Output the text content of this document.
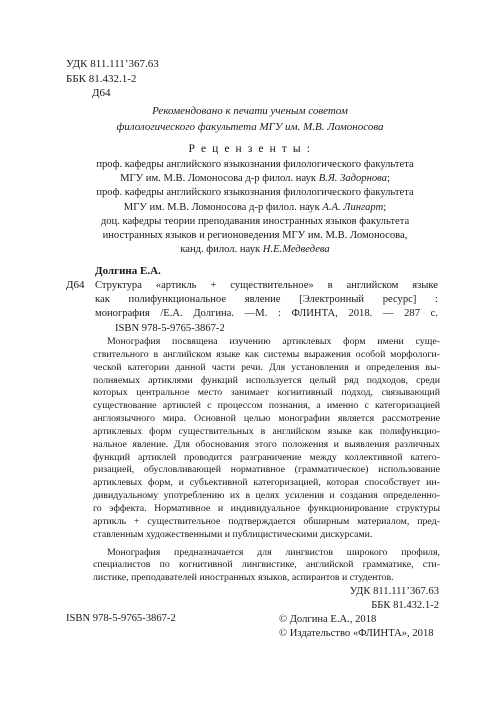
УДК 811.111’367.63
ББК 81.432.1-2
Д64
Рекомендовано к печати ученым советом
филологического факультета МГУ им. М.В. Ломоносова
Р е ц е н з е н т ы :
проф. кафедры английского языкознания филологического факультета
МГУ им. М.В. Ломоносова д-р филол. наук В.Я. Задорнова;
проф. кафедры английского языкознания филологического факультета
МГУ им. М.В. Ломоносова д-р филол. наук А.А. Лингарт;
доц. кафедры теории преподавания иностранных языков факультета
иностранных языков и регионоведения МГУ им. М.В. Ломоносова,
канд. филол. наук Н.Е.Медведева
Долгина Е.А.
Д64 Структура «артикль + существительное» в английском языке
как полифункциональное явление [Электронный ресурс] :
монография /Е.А. Долгина. —М. : ФЛИНТА, 2018. — 287 с.
ISBN 978-5-9765-3867-2
Монография посвящена изучению артиклевых форм имени суще-
ствительного в английском языке как системы выражения особой морфологи-
ческой категории данной части речи. Для установления и определения вы-
полняемых артиклями функций используется целый ряд подходов, среди
которых центральное место занимает когнитивный подход, связывающий
существование артиклей с процессом познания, а именно с категоризацией
англоязычного мира. Основной целью монографии является рассмотрение
артиклевых форм существительных в английском языке как полифункцио-
нальное явление. Для обоснования этого положения и выявления различных
функций артиклей проводится разграничение между коллективной катего-
ризацией, обусловливающей нормативное (грамматическое) использование
артиклевых форм, и субъективной категоризацией, которая способствует ин-
дивидуальному употреблению их в целях усиления и создания определенно-
го эффекта. Нормативное и индивидуальное функционирование структуры
артикль + существительное подтверждается обширным материалом, пред-
ставленным художественными и публицистическими дискурсами.
Монография предназначается для лингвистов широкого профиля,
специалистов по когнитивной лингвистике, английской грамматике, сти-
листике, преподавателей иностранных языков, аспирантов и студентов.
УДК 811.111’367.63
ББК 81.432.1-2
ISBN 978-5-9765-3867-2	© Долгина Е.А., 2018
© Издательство «ФЛИНТА», 2018
